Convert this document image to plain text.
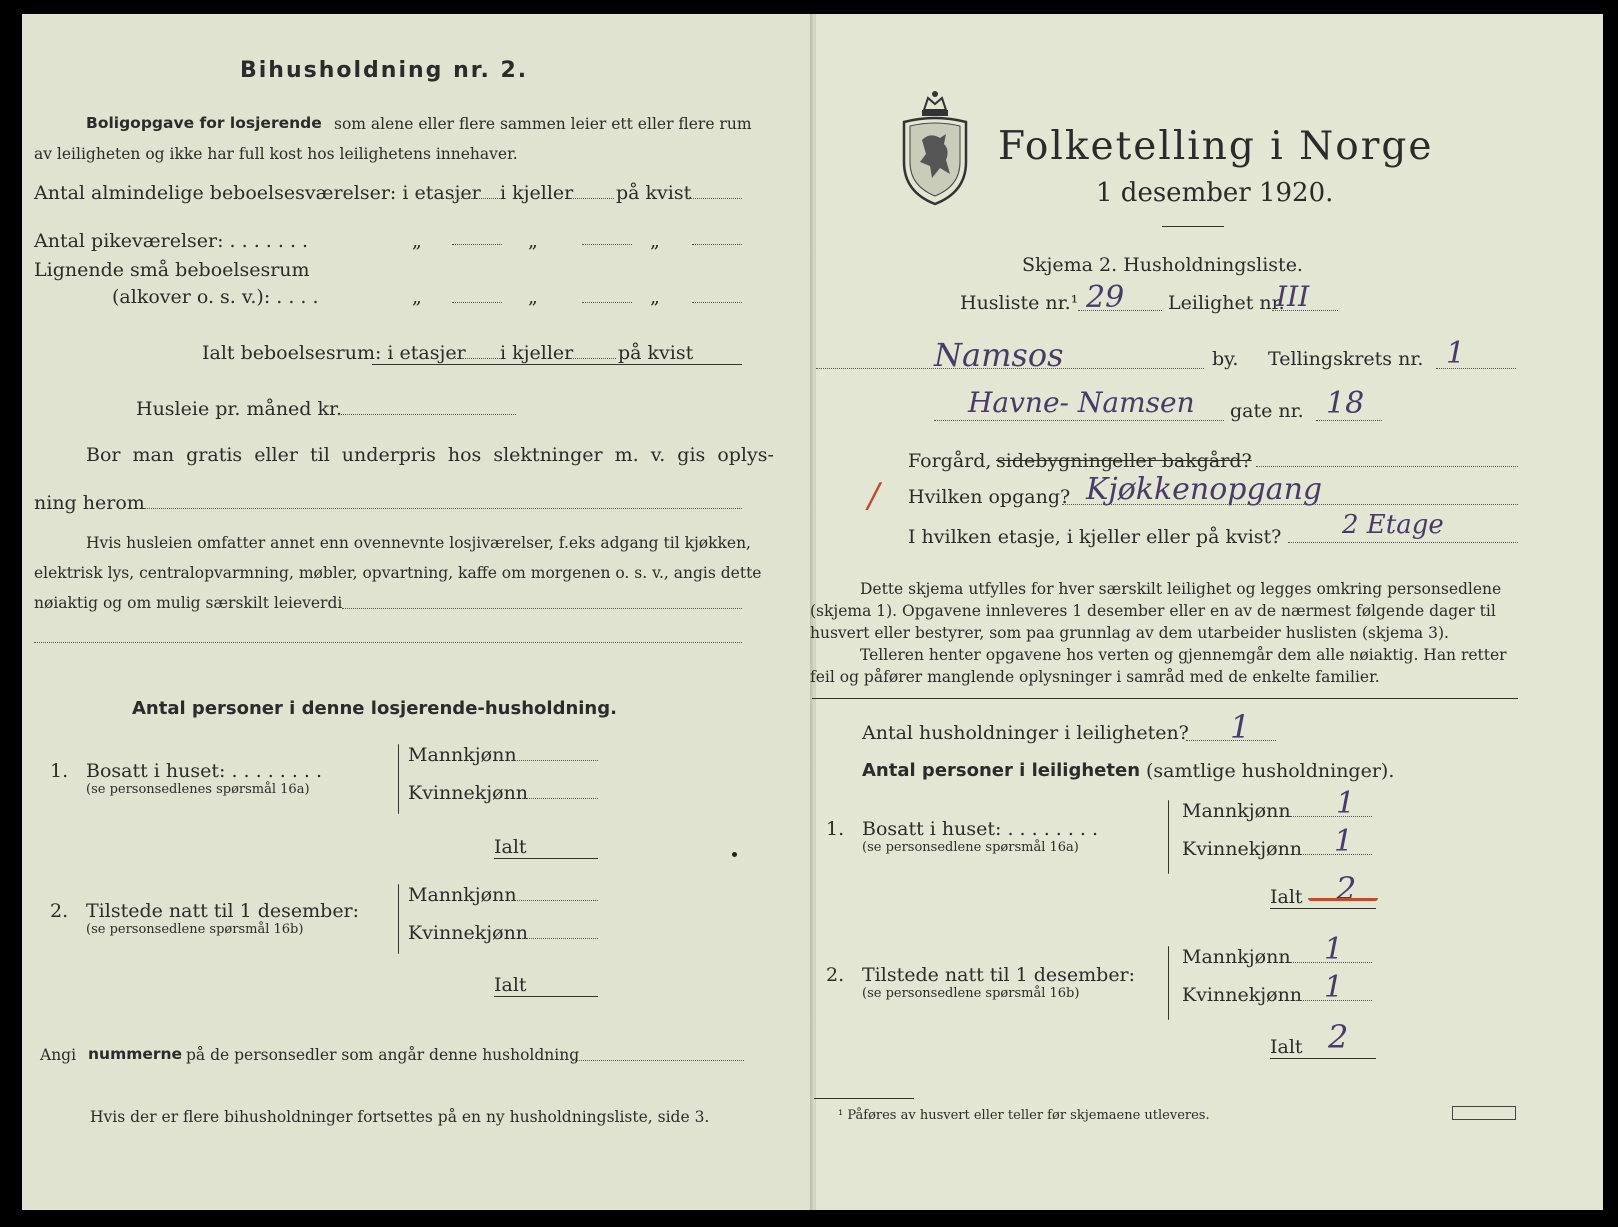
Bihusholdning nr. 2.
Boligopgave for losjerende som alene eller flere sammen leier ett eller flere rum
av leiligheten og ikke har full kost hos leilighetens innehaver.
Antal almindelige beboelsesværelser: i etasjer i kjeller på kvist
Antal pikeværelser: . . . . . . .	„	„	„
Lignende små beboelsesrum
(alkover o. s. v.): . . . .	„	„	„
Ialt beboelsesrum: i etasjer i kjeller på kvist
Husleie pr. måned kr.
Bor man gratis eller til underpris hos slektninger m. v. gis oplys-
ning herom
Hvis husleien omfatter annet enn ovennevnte losjiværelser, f.eks adgang til kjøkken,
elektrisk lys, centralopvarmning, møbler, opvartning, kaffe om morgenen o. s. v., angis dette
nøiaktig og om mulig særskilt leieverdi
Antal personer i denne losjerende-husholdning.
1. Bosatt i huset: . . . . . . . .
(se personsedlenes spørsmål 16a)
Mannkjønn
Kvinnekjønn
Ialt
2. Tilstede natt til 1 desember:
(se personsedlene spørsmål 16b)
Mannkjønn
Kvinnekjønn
Ialt
Angi nummerne på de personsedler som angår denne husholdning
Hvis der er flere bihusholdninger fortsettes på en ny husholdningsliste, side 3.
Folketelling i Norge
1 desember 1920.
Skjema 2. Husholdningsliste.
Husliste nr.¹ 29 Leilighet nr.
III
Namsos	by. Tellingskrets nr. 1
Havne- Namsen gate nr. 18
Forgård, sidebygning
eller bakgård?
/ Hvilken opgang? Kjøkkenopgang
I hvilken etasje, i kjeller eller på kvist? 2 Etage
Dette skjema utfylles for hver særskilt leilighet og legges omkring personsedlene
(skjema 1). Opgavene innleveres 1 desember eller en av de nærmest følgende dager til
husvert eller bestyrer, som paa grunnlag av dem utarbeider huslisten (skjema 3).
Telleren henter opgavene hos verten og gjennemgår dem alle nøiaktig. Han retter
feil og påfører manglende oplysninger i samråd med de enkelte familier.
Antal husholdninger i leiligheten? 1
Antal personer i leiligheten (samtlige husholdninger).
1. Bosatt i huset: . . . . . . . .
(se personsedlene spørsmål 16a)
Mannkjønn 1
Kvinnekjønn 1
Ialt 2
2. Tilstede natt til 1 desember:
(se personsedlene spørsmål 16b)
Mannkjønn 1
Kvinnekjønn 1
Ialt 2
¹ Påføres av husvert eller teller før skjemaene utleveres.
